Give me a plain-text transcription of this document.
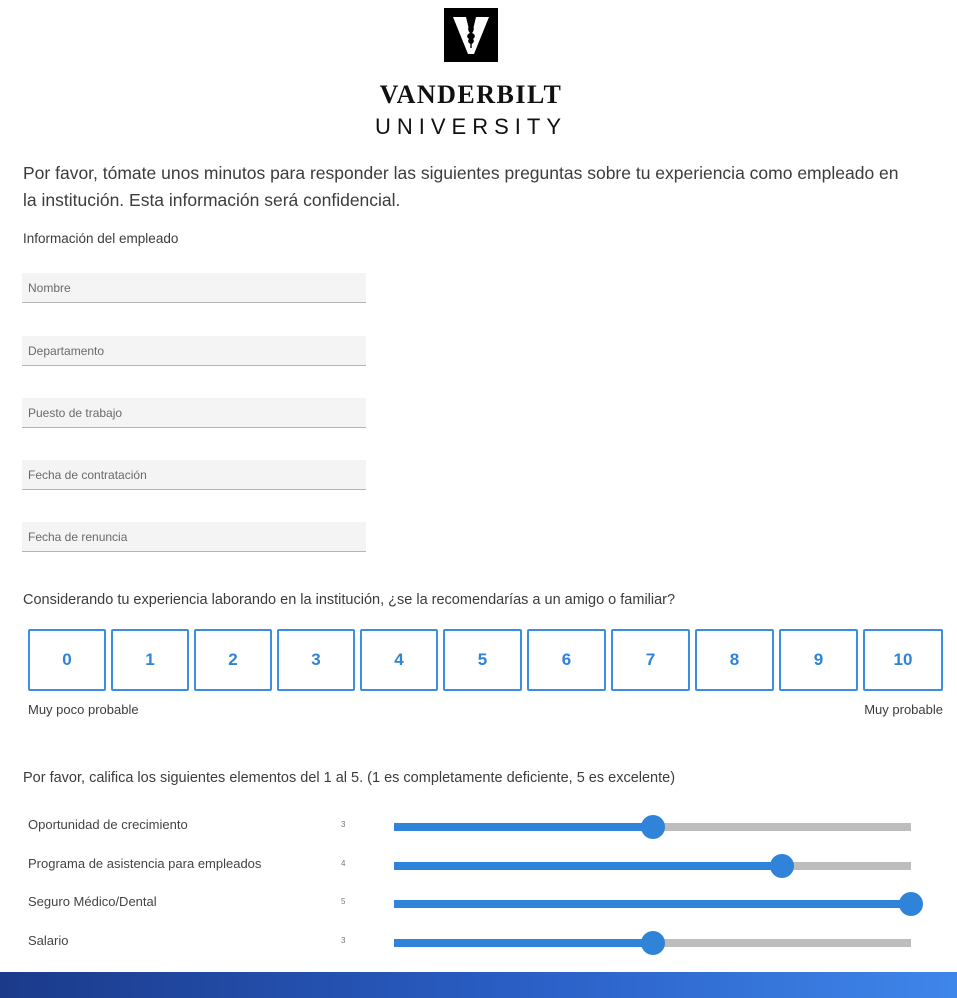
VANDERBILT
UNIVERSITY
Por favor, tómate unos minutos para responder las siguientes preguntas sobre tu experiencia como empleado en la institución. Esta información será confidencial.
Información del empleado
Nombre
Departamento
Puesto de trabajo
Fecha de contratación
Fecha de renuncia
Considerando tu experiencia laborando en la institución, ¿se la recomendarías a un amigo o familiar?
0	1	2	3	4	5	6	7	8	9	10
Muy poco probable	Muy probable
Por favor, califica los siguientes elementos del 1 al 5. (1 es completamente deficiente, 5 es excelente)
Oportunidad de crecimiento	3
Programa de asistencia para empleados	4
Seguro Médico/Dental	5
Salario	3
